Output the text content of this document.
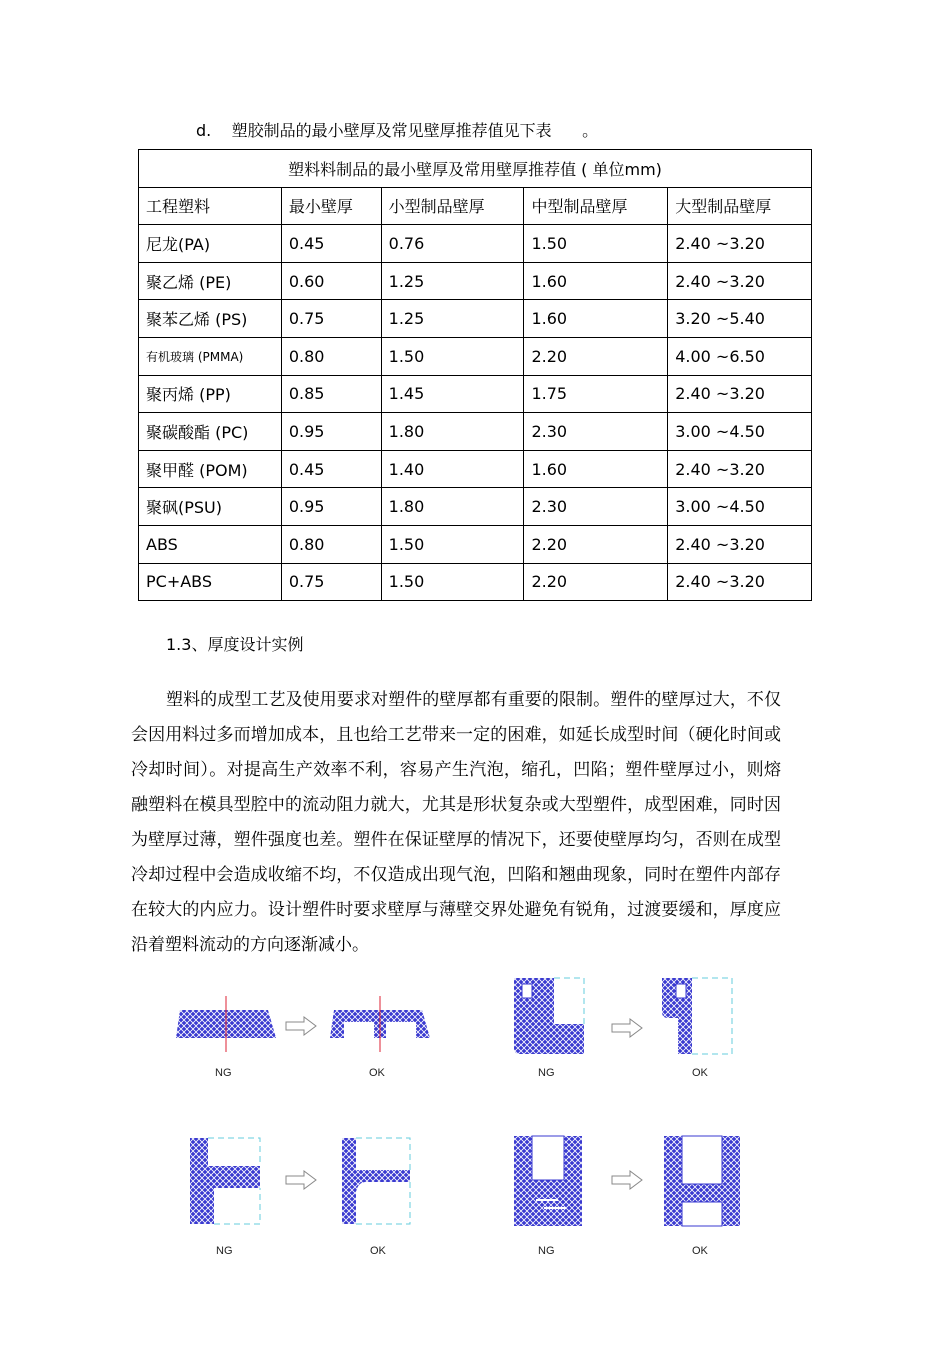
d. 塑胶制品的最小壁厚及常见壁厚推荐值见下表 。
塑料料制品的最小壁厚及常用壁厚推荐值 ( 单位mm)				
工程塑料	最小壁厚	小型制品壁厚	中型制品壁厚	大型制品壁厚
尼龙(PA)	0.45	0.76	1.50	2.40 ~3.20
聚乙烯 (PE)	0.60	1.25	1.60	2.40 ~3.20
聚苯乙烯 (PS)	0.75	1.25	1.60	3.20 ~5.40
有机玻璃 (PMMA)	0.80	1.50	2.20	4.00 ~6.50
聚丙烯 (PP)	0.85	1.45	1.75	2.40 ~3.20
聚碳酸酯 (PC)	0.95	1.80	2.30	3.00 ~4.50
聚甲醛 (POM)	0.45	1.40	1.60	2.40 ~3.20
聚砜(PSU)	0.95	1.80	2.30	3.00 ~4.50
ABS	0.80	1.50	2.20	2.40 ~3.20
PC+ABS	0.75	1.50	2.20	2.40 ~3.20
1.3、厚度设计实例

塑料的成型工艺及使用要求对塑件的壁厚都有重要的限制。塑件的壁厚过大，不仅会因用料过多而增加成本，且也给工艺带来一定的困难，如延长成型时间（硬化时间或冷却时间）。对提高生产效率不利，容易产生汽泡，缩孔，凹陷；塑件壁厚过小，则熔融塑料在模具型腔中的流动阻力就大，尤其是形状复杂或大型塑件，成型困难，同时因为壁厚过薄，塑件强度也差。塑件在保证壁厚的情况下，还要使壁厚均匀，否则在成型冷却过程中会造成收缩不均，不仅造成出现气泡，凹陷和翘曲现象，同时在塑件内部存在较大的内应力。设计塑件时要求壁厚与薄壁交界处避免有锐角，过渡要缓和，厚度应沿着塑料流动的方向逐渐减小。

NG	OK	NG	OK
NG	OK	NG	OK
